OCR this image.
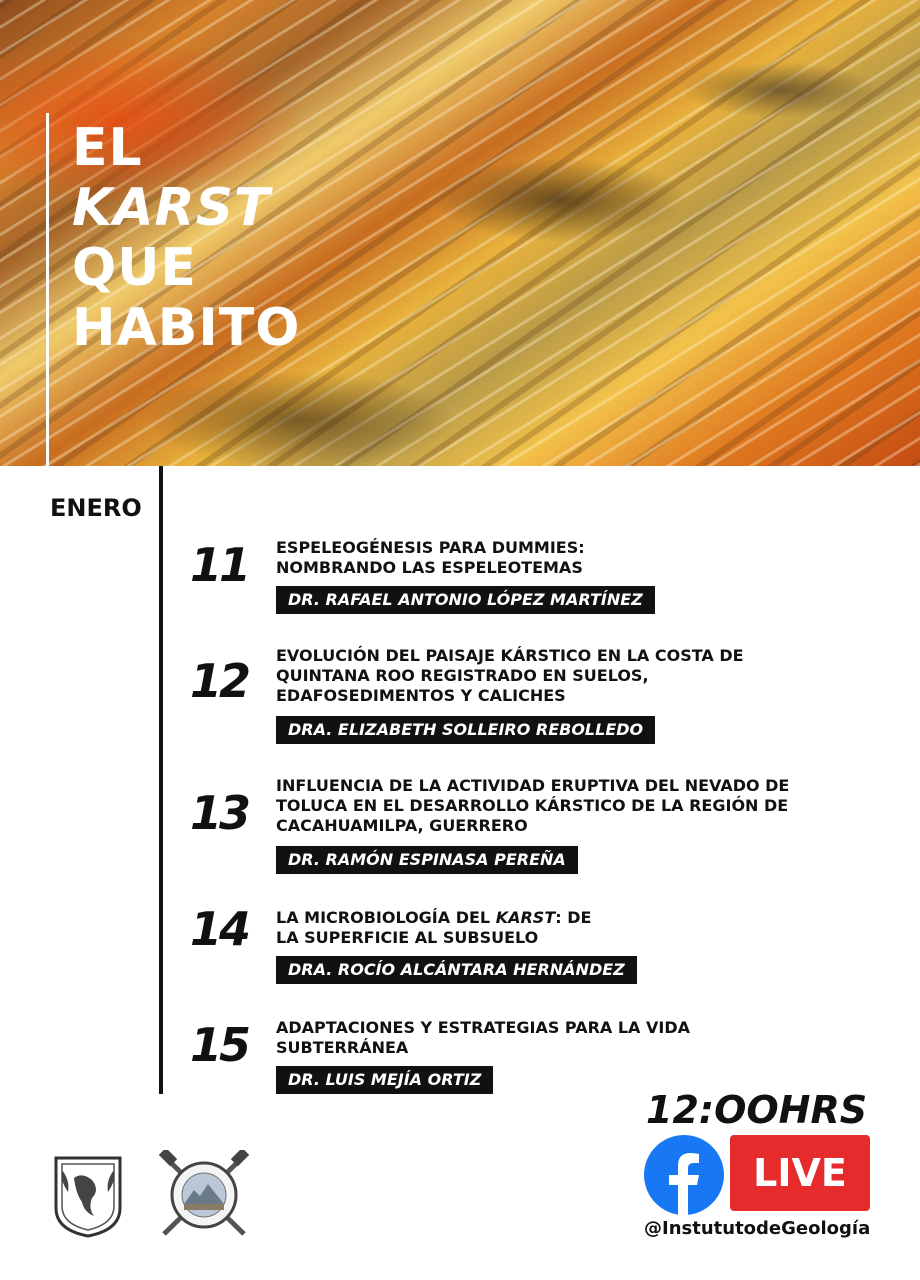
EL
KARST
QUE
HABITO
ENERO
11	ESPELEOGÉNESIS PARA DUMMIES: NOMBRANDO LAS ESPELEOTEMAS
DR. RAFAEL ANTONIO LÓPEZ MARTÍNEZ
12	EVOLUCIÓN DEL PAISAJE KÁRSTICO EN LA COSTA DE QUINTANA ROO REGISTRADO EN SUELOS, EDAFOSEDIMENTOS Y CALICHES
DRA. ELIZABETH SOLLEIRO REBOLLEDO
13
INFLUENCIA DE LA ACTIVIDAD ERUPTIVA DEL NEVADO DE TOLUCA EN EL DESARROLLO KÁRSTICO DE LA REGIÓN DE CACAHUAMILPA, GUERRERO
DR. RAMÓN ESPINASA PEREÑA
14	LA MICROBIOLOGÍA DEL KARST: DE LA SUPERFICIE AL SUBSUELO
DRA. ROCÍO ALCÁNTARA HERNÁNDEZ
15	ADAPTACIONES Y ESTRATEGIAS PARA LA VIDA SUBTERRÁNEA
DR. LUIS MEJÍA ORTIZ
12:OOHRS
LIVE
@InstututodeGeología
